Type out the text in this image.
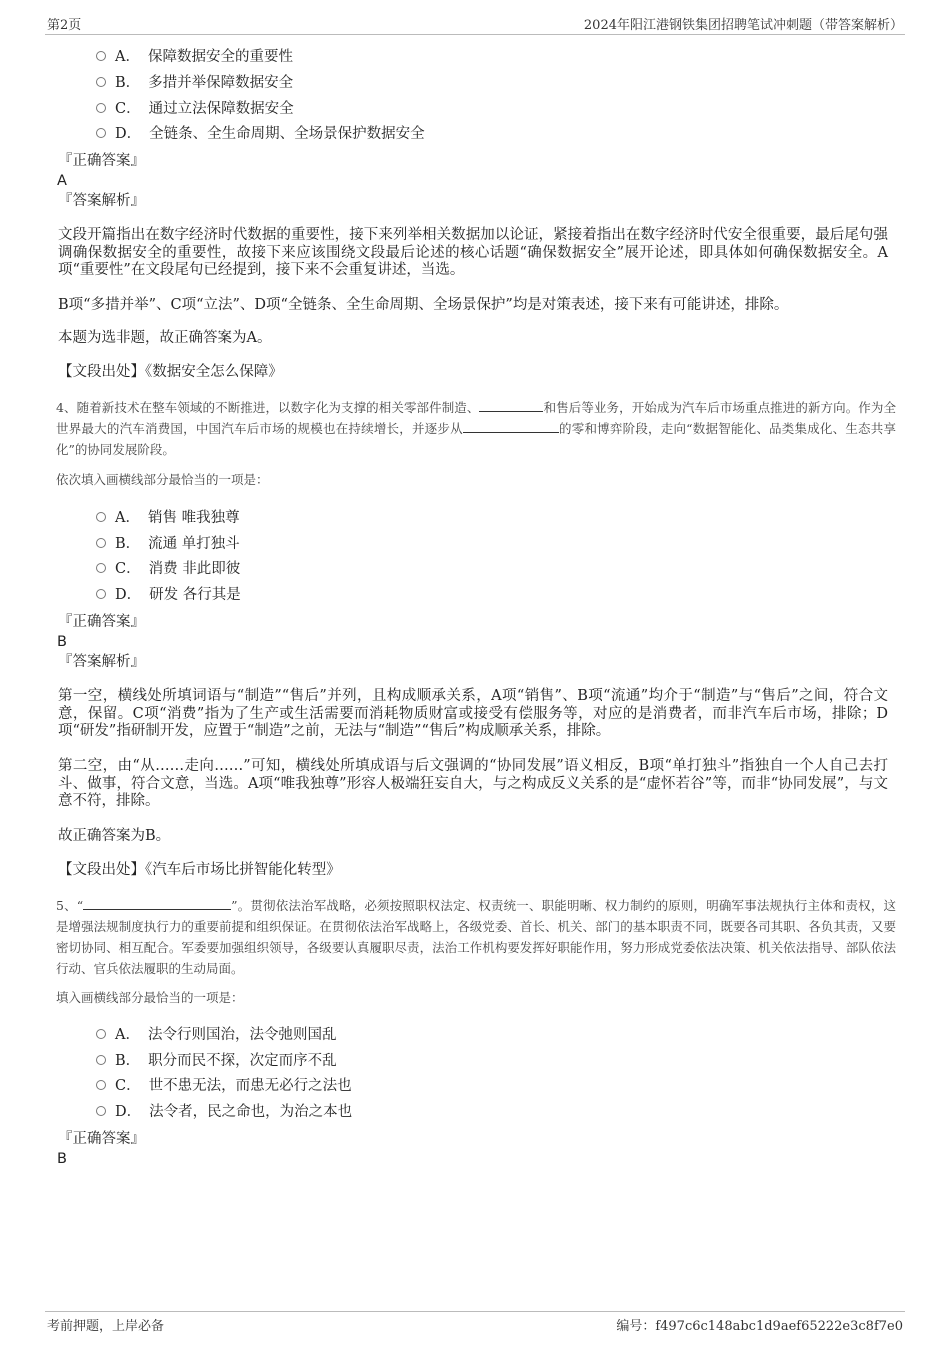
第2页	2024年阳江港钢铁集团招聘笔试冲刺题（带答案解析）
A． 保障数据安全的重要性
B． 多措并举保障数据安全
C． 通过立法保障数据安全
D． 全链条、全生命周期、全场景保护数据安全
『正确答案』
A
『答案解析』
文段开篇指出在数字经济时代数据的重要性，接下来列举相关数据加以论证，紧接着指出在数字经济时代安全很重要，最后尾句强调确保数据安全的重要性，故接下来应该围绕文段最后论述的核心话题“确保数据安全”展开论述，即具体如何确保数据安全。A项“重要性”在文段尾句已经提到，接下来不会重复讲述，当选。
B项“多措并举”、C项“立法”、D项“全链条、全生命周期、全场景保护”均是对策表述，接下来有可能讲述，排除。
本题为选非题，故正确答案为A。
【文段出处】《数据安全怎么保障》
4、随着新技术在整车领域的不断推进，以数字化为支撑的相关零部件制造、	和售后等业务，开始成为汽车后市场重点推进的新方向。作为全世界最大的汽车消费国，中国汽车后市场的规模也在持续增长，并逐步从	的零和博弈阶段，走向“数据智能化、品类集成化、生态共享化”的协同发展阶段。
依次填入画横线部分最恰当的一项是：
A． 销售 唯我独尊
B． 流通 单打独斗
C． 消费 非此即彼
D． 研发 各行其是
『正确答案』
B
『答案解析』
第一空，横线处所填词语与“制造”“售后”并列，且构成顺承关系，A项“销售”、B项“流通”均介于“制造”与“售后”之间，符合文意，保留。C项“消费”指为了生产或生活需要而消耗物质财富或接受有偿服务等，对应的是消费者，而非汽车后市场，排除；D项“研发”指研制开发，应置于“制造”之前，无法与“制造”“售后”构成顺承关系，排除。
第二空，由“从……走向……”可知，横线处所填成语与后文强调的“协同发展”语义相反，B项“单打独斗”指独自一个人自己去打斗、做事，符合文意，当选。A项“唯我独尊”形容人极端狂妄自大，与之构成反义关系的是“虚怀若谷”等，而非“协同发展”，与文意不符，排除。
故正确答案为B。
【文段出处】《汽车后市场比拼智能化转型》
5、“	”。贯彻依法治军战略，必须按照职权法定、权责统一、职能明晰、权力制约的原则，明确军事法规执行主体和责权，这是增强法规制度执行力的重要前提和组织保证。在贯彻依法治军战略上，各级党委、首长、机关、部门的基本职责不同，既要各司其职、各负其责，又要密切协同、相互配合。军委要加强组织领导，各级要认真履职尽责，法治工作机构要发挥好职能作用，努力形成党委依法决策、机关依法指导、部队依法行动、官兵依法履职的生动局面。
填入画横线部分最恰当的一项是：
A． 法令行则国治，法令弛则国乱
B． 职分而民不探，次定而序不乱
C． 世不患无法，而患无必行之法也
D． 法令者，民之命也，为治之本也
『正确答案』
B
考前押题，上岸必备	编号：f497c6c148abc1d9aef65222e3c8f7e0
